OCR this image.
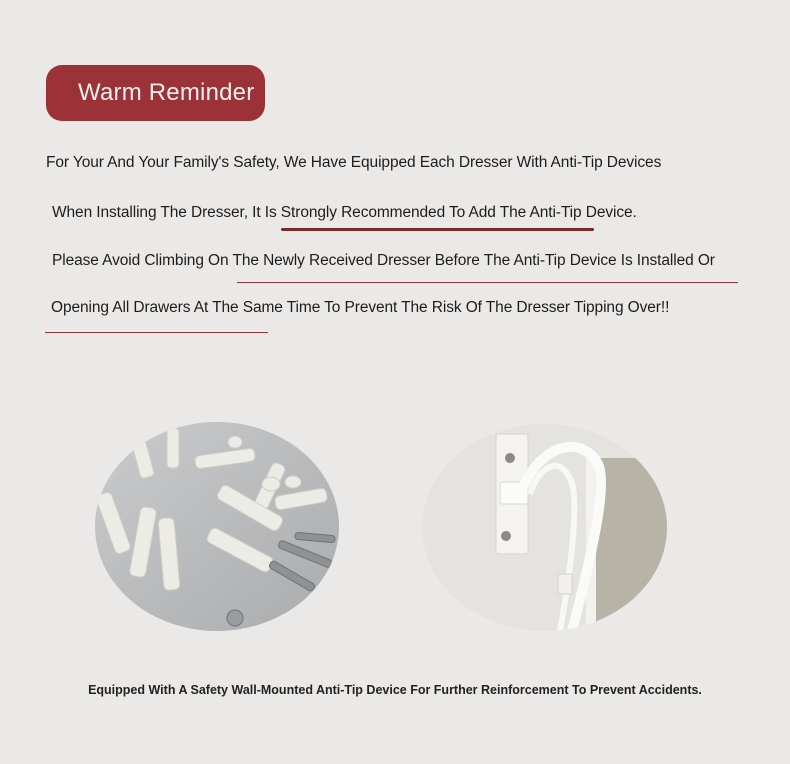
Warm Reminder
For Your And Your Family's Safety, We Have Equipped Each Dresser With Anti-Tip Devices
When Installing The Dresser, It Is Strongly Recommended To Add The Anti-Tip Device.
Please Avoid Climbing On The Newly Received Dresser Before The Anti-Tip Device Is Installed Or
Opening All Drawers At The Same Time To Prevent The Risk Of The Dresser Tipping Over!!
Equipped With A Safety Wall-Mounted Anti-Tip Device For Further Reinforcement To Prevent Accidents.
